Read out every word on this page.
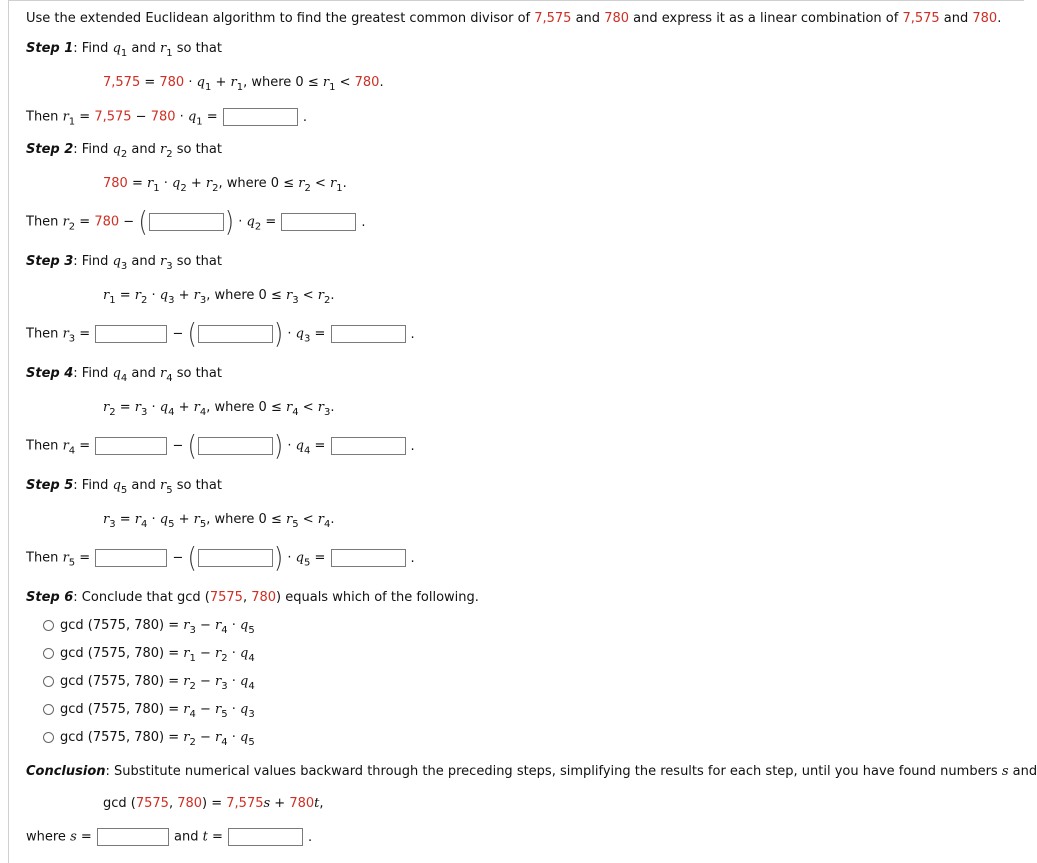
Use the extended Euclidean algorithm to find the greatest common divisor of 7,575 and 780 and express it as a linear combination of 7,575 and 780.
Step 1: Find $q_1$ and $r_1$ so that
$7,575 = 780 \cdot q_1 + r_1$, where $0 \le r_1 < 780$.
Then $r_1 = 7,575 - 780 \cdot q_1$ =	.
Step 2: Find $q_2$ and $r_2$ so that
$780 = r_1 \cdot q_2 + r_2$, where $0 \le r_2 < r_1$.
Then $r_2 = 780$ − (	) · $q_2$ =	.
Step 3: Find $q_3$ and $r_3$ so that
$r_1 = r_2 \cdot q_3 + r_3$, where $0 \le r_3 < r_2$.
Then $r_3$ =	− (	) · $q_3$ =	.
Step 4: Find $q_4$ and $r_4$ so that
$r_2 = r_3 \cdot q_4 + r_4$, where $0 \le r_4 < r_3$.
Then $r_4$ =	− (	) · $q_4$ =	.
Step 5: Find $q_5$ and $r_5$ so that
$r_3 = r_4 \cdot q_5 + r_5$, where $0 \le r_5 < r_4$.
Then $r_5$ =	− (	) · $q_5$ =	.
Step 6: Conclude that gcd (7575, 780) equals which of the following.
gcd (7575, $780) = r_3 - r_4 \cdot q_5$
gcd (7575, $780) = r_1 - r_2 \cdot q_4$
gcd (7575, $780) = r_2 - r_3 \cdot q_4$
gcd (7575, $780) = r_4 - r_5 \cdot q_3$
gcd (7575, $780) = r_2 - r_4 \cdot q_5$
Conclusion: Substitute numerical values backward through the preceding steps, simplifying the results for each step, until you have found numbers s and
gcd (7575, 780) = 7,575s + 780t,
where s =	and t =	.
